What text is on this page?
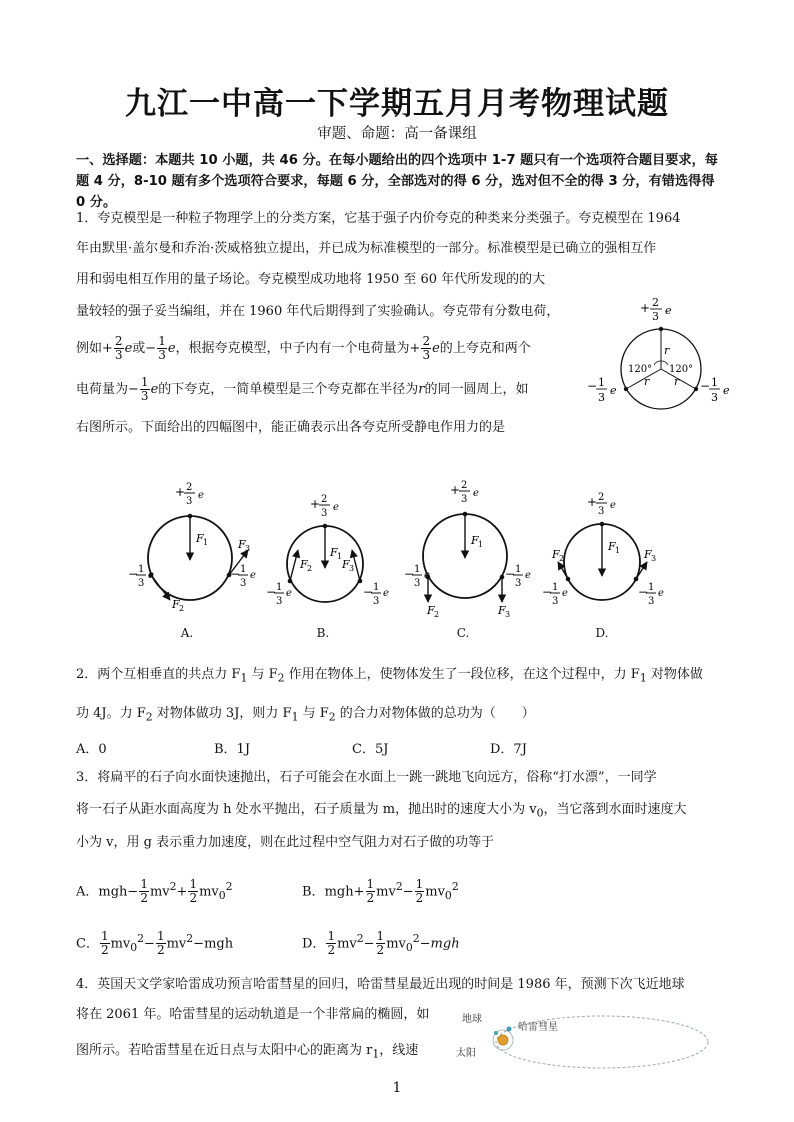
九江一中高一下学期五月月考物理试题
审题、命题：高一备课组
一、选择题：本题共 10 小题，共 46 分。在每小题给出的四个选项中 1-7 题只有一个选项符合题目要求，每题 4 分，8-10 题有多个选项符合要求，每题 6 分，全部选对的得 6 分，选对但不全的得 3 分，有错选得得 0 分。
1．夸克模型是一种粒子物理学上的分类方案，它基于强子内价夸克的种类来分类强子。夸克模型在 1964
年由默里·盖尔曼和乔治·茨威格独立提出，并已成为标准模型的一部分。标准模型是已确立的强相互作
用和弱电相互作用的量子场论。夸克模型成功地将 1950 至 60 年代所发现的的大
量较轻的强子妥当编组，并在 1960 年代后期得到了实验确认。夸克带有分数电荷，
例如+ $\frac{2}{3}$ e或− $\frac{1}{3}$ e，根据夸克模型，中子内有一个电荷量为+ $\frac{2}{3}$ e的上夸克和两个
电荷量为− $\frac{1}{3}$ e的下夸克，一简单模型是三个夸克都在半径为r的同一圆周上，如
右图所示。下面给出的四幅图中，能正确表示出各夸克所受静电作用力的是
r
r r
120° 120°
+ 2
3 e
− 1
3
e	− 1
3
e
F 1
F 2
F 3
+ 2
3
e
− 1
3
e	− 1
3
e
F 1
F 2	F 3
+ 2
3
e
− 1
3
e	− 1
3
e
F 1
F 2	F 3
+ 2
3
e
− 1
3
e	− 1
3
e
F 1
F 2	F 3
+ 2
3
e
− 1
3
e	− 1
3
e
A.	B.	C.	D.
2．两个互相垂直的共点力 $F_1$ 与 $F_2$ 作用在物体上，使物体发生了一段位移，在这个过程中，力 $F_1$ 对物体做
功 4J。力 $F_2$ 对物体做功 3J，则力 $F_1$ 与 $F_2$ 的合力对物体做的总功为（　　）
A．0	B．1J	C．5J	D．7J
3．将扁平的石子向水面快速抛出，石子可能会在水面上一跳一跳地飞向远方，俗称“打水漂”，一同学
将一石子从距水面高度为 h 处水平抛出，石子质量为 m，抛出时的速度大小为 $v_0$，当它落到水面时速度大
小为 v，用 g 表示重力加速度，则在此过程中空气阻力对石子做的功等于
A．$mgh- \frac{1}{2} mv^2+ \frac{1}{2} mv_0^2$	B．$mgh+ \frac{1}{2} mv^2- \frac{1}{2} mv_0^2$
C． $\frac{1}{2} mv_0^2- \frac{1}{2} mv^2-mgh$	D． $\frac{1}{2} mv^2- \frac{1}{2} mv_0^2-mgh$
4．英国天文学家哈雷成功预言哈雷彗星的回归，哈雷彗星最近出现的时间是 1986 年，预测下次飞近地球
将在 2061 年。哈雷彗星的运动轨道是一个非常扁的椭圆，如
图所示。若哈雷彗星在近日点与太阳中心的距离为 $r_1$，线速
地球
哈雷彗星
太阳
1
